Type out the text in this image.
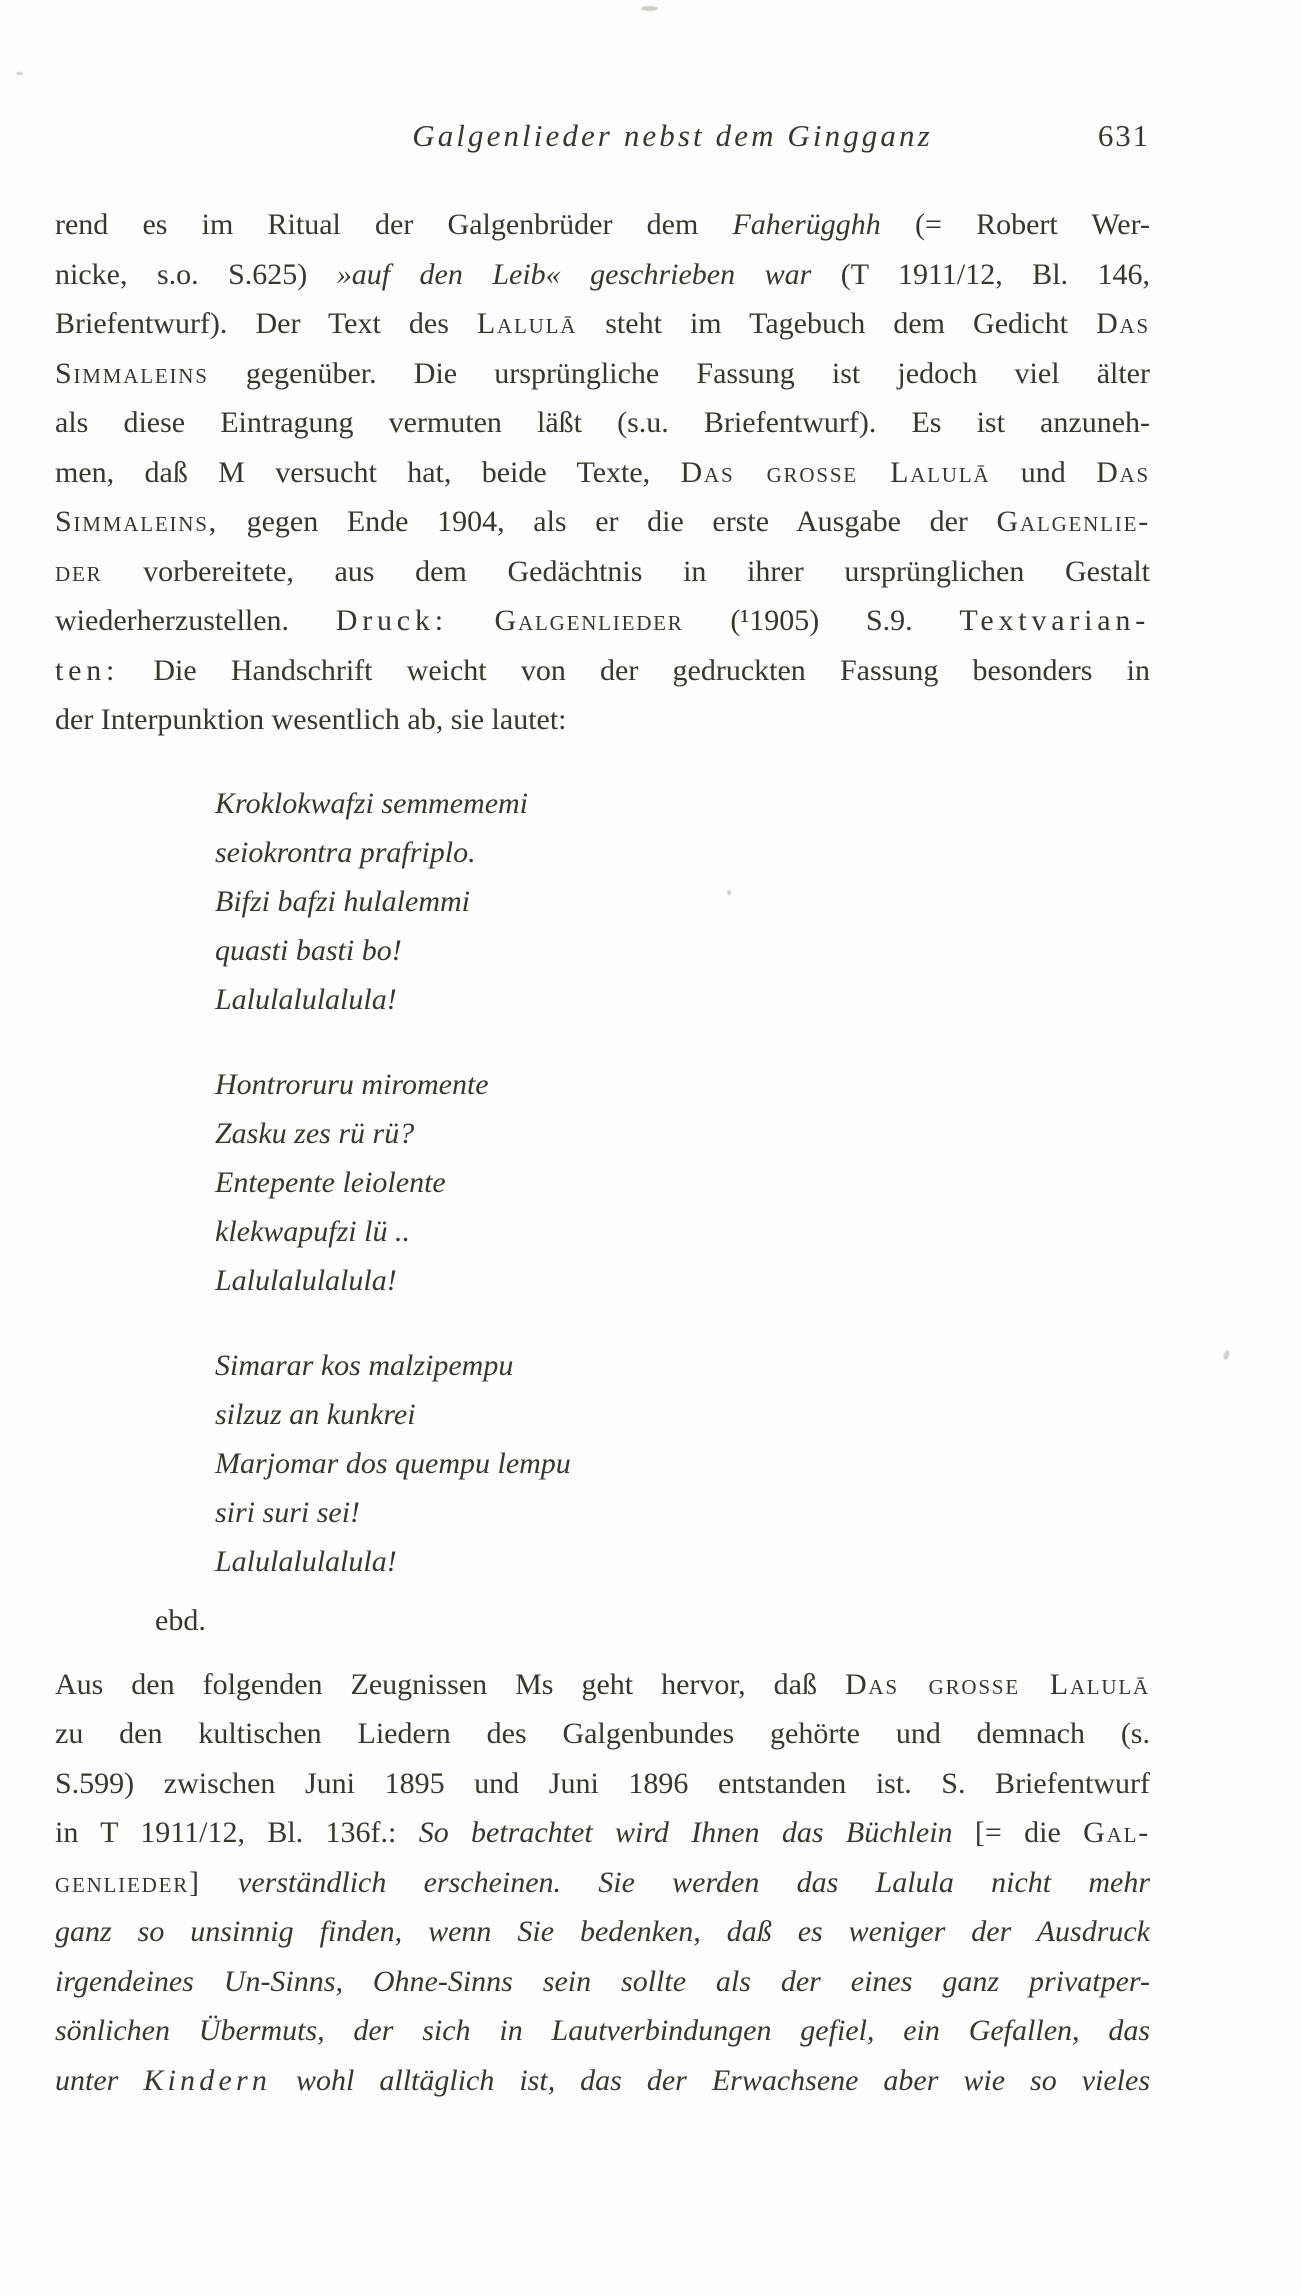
Galgenlieder nebst dem Gingganz	631
rend es im Ritual der Galgenbrüder dem Faherügghh (= Robert Wer-
nicke, s.o. S.625) »auf den Leib« geschrieben war (T 1911/12, Bl. 146,
Briefentwurf). Der Text des Lalulā steht im Tagebuch dem Gedicht Das
Simmaleins gegenüber. Die ursprüngliche Fassung ist jedoch viel älter
als diese Eintragung vermuten läßt (s.u. Briefentwurf). Es ist anzuneh-
men, daß M versucht hat, beide Texte, Das grosse Lalulā und Das
Simmaleins, gegen Ende 1904, als er die erste Ausgabe der Galgenlie-
der vorbereitete, aus dem Gedächtnis in ihrer ursprünglichen Gestalt
wiederherzustellen. Druck: Galgenlieder (¹1905) S.9. Textvarian-
ten: Die Handschrift weicht von der gedruckten Fassung besonders in
der Interpunktion wesentlich ab, sie lautet:
Kroklokwafzi semmememi
seiokrontra prafriplo.
Bifzi bafzi hulalemmi
quasti basti bo!
Lalulalulalula!
Hontroruru miromente
Zasku zes rü rü?
Entepente leiolente
klekwapufzi lü ..
Lalulalulalula!
Simarar kos malzipempu
silzuz an kunkrei
Marjomar dos quempu lempu
siri suri sei!
Lalulalulalula!
ebd.
Aus den folgenden Zeugnissen Ms geht hervor, daß Das grosse Lalulā
zu den kultischen Liedern des Galgenbundes gehörte und demnach (s.
S.599) zwischen Juni 1895 und Juni 1896 entstanden ist. S. Briefentwurf
in T 1911/12, Bl. 136f.: So betrachtet wird Ihnen das Büchlein [= die Gal-
genlieder] verständlich erscheinen. Sie werden das Lalula nicht mehr
ganz so unsinnig finden, wenn Sie bedenken, daß es weniger der Ausdruck
irgendeines Un-Sinns, Ohne-Sinns sein sollte als der eines ganz privatper-
sönlichen Übermuts, der sich in Lautverbindungen gefiel, ein Gefallen, das
unter Kindern wohl alltäglich ist, das der Erwachsene aber wie so vieles
